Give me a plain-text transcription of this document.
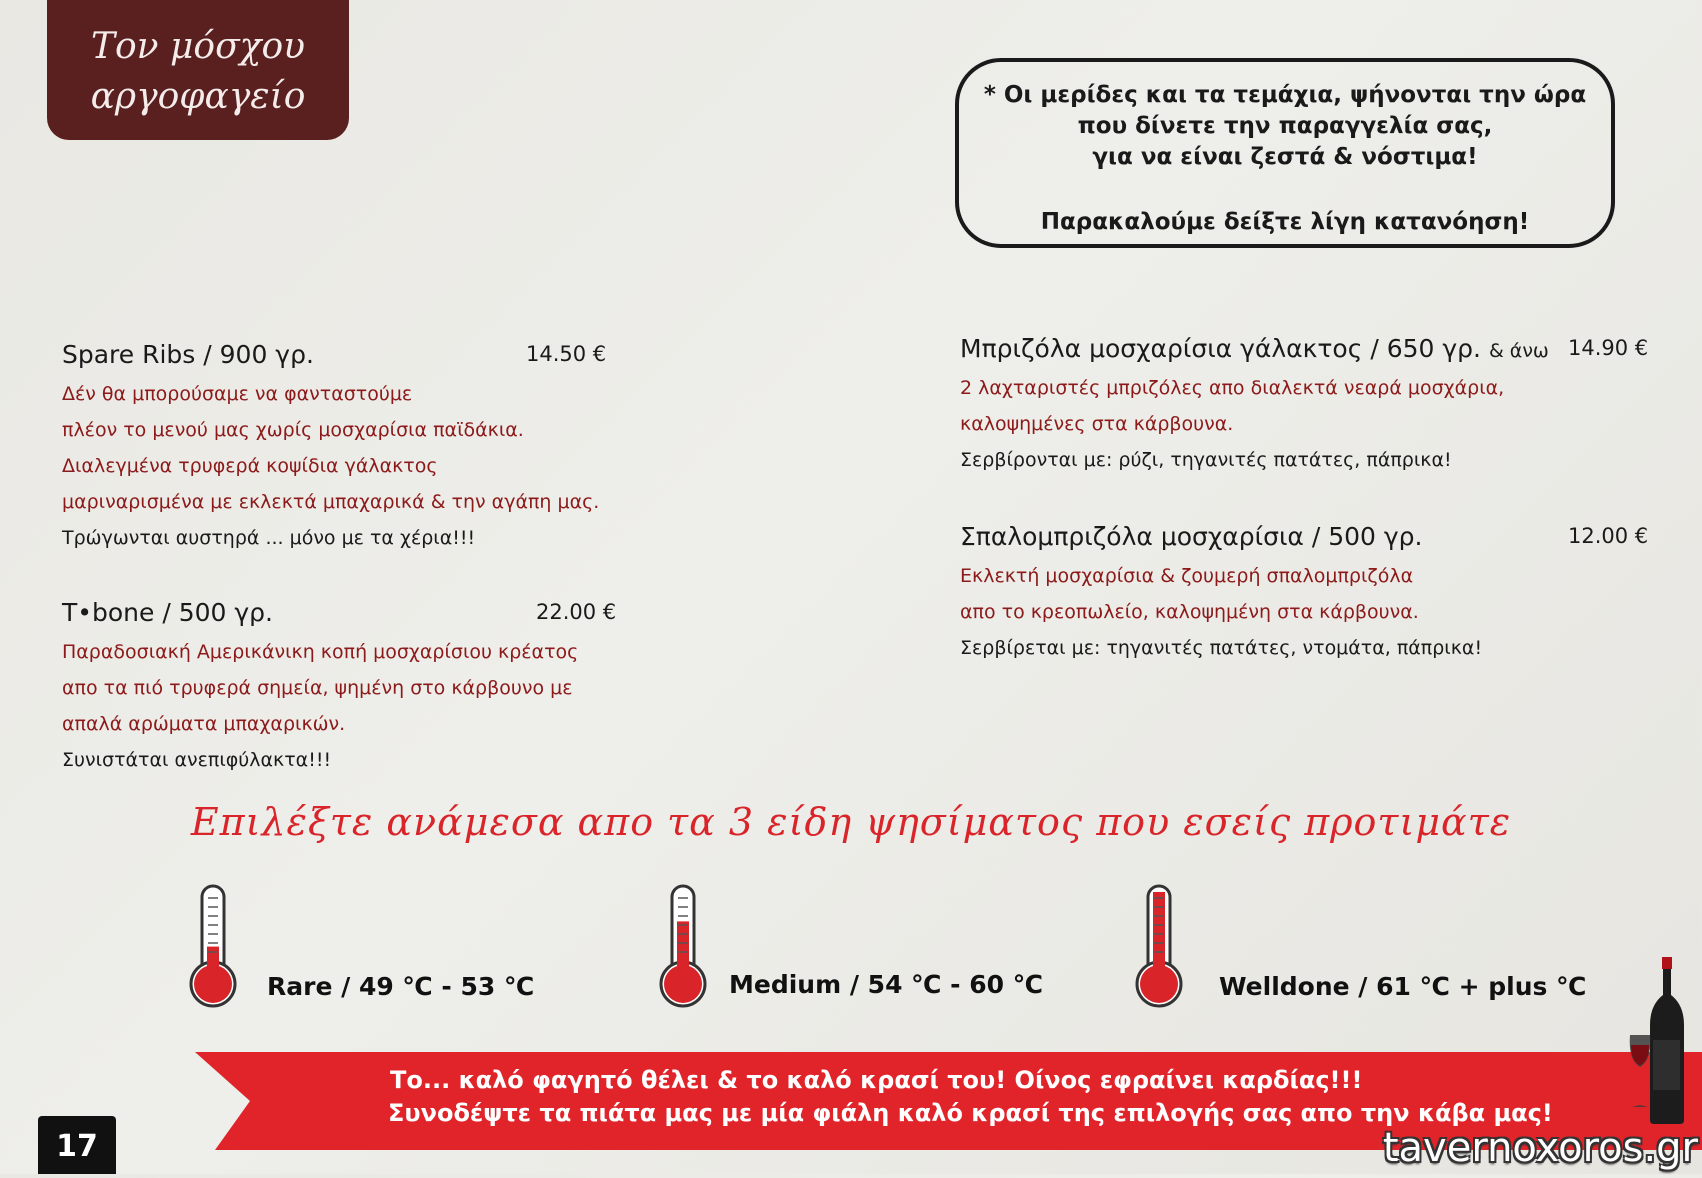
Τον μόσχου
αργοφαγείο	* Οι μερίδες και τα τεμάχια, ψήνονται την ώρα
που δίνετε την παραγγελία σας,
για να είναι ζεστά & νόστιμα!
Παρακαλούμε δείξτε λίγη κατανόηση!
Spare Ribs / 900 γρ.	14.50 €
Δέν θα μπορούσαμε να φανταστούμε
πλέον το μενού μας χωρίς μοσχαρίσια παϊδάκια.
Διαλεγμένα τρυφερά κοψίδια γάλακτος
μαριναρισμένα με εκλεκτά μπαχαρικά & την αγάπη μας.
Τρώγωνται αυστηρά ... μόνο με τα χέρια!!!
T•bone / 500 γρ.	22.00 €
Παραδοσιακή Αμερικάνικη κοπή μοσχαρίσιου κρέατος
απο τα πιό τρυφερά σημεία, ψημένη στο κάρβουνο με
απαλά αρώματα μπαχαρικών.
Συνιστάται ανεπιφύλακτα!!!
Μπριζόλα μοσχαρίσια γάλακτος / 650 γρ. & άνω 14.90 €
2 λαχταριστές μπριζόλες απο διαλεκτά νεαρά μοσχάρια,
καλοψημένες στα κάρβουνα.
Σερβίρονται με: ρύζι, τηγανιτές πατάτες, πάπρικα!
Σπαλομπριζόλα μοσχαρίσια / 500 γρ.	12.00 €
Εκλεκτή μοσχαρίσια & ζουμερή σπαλομπριζόλα
απο το κρεοπωλείο, καλοψημένη στα κάρβουνα.
Σερβίρεται με: τηγανιτές πατάτες, ντομάτα, πάπρικα!
Επιλέξτε ανάμεσα απο τα 3 είδη ψησίματος που εσείς προτιμάτε
Rare / 49 ℃ - 53 ℃	Medium / 54 ℃ - 60 ℃	Welldone / 61 ℃ + plus ℃
Το... καλό φαγητό θέλει & το καλό κρασί του! Οίνος εφραίνει καρδίας!!!
Συνοδέψτε τα πιάτα μας με μία φιάλη καλό κρασί της επιλογής σας απο την κάβα μας!
17	tavernoxoros.gr
